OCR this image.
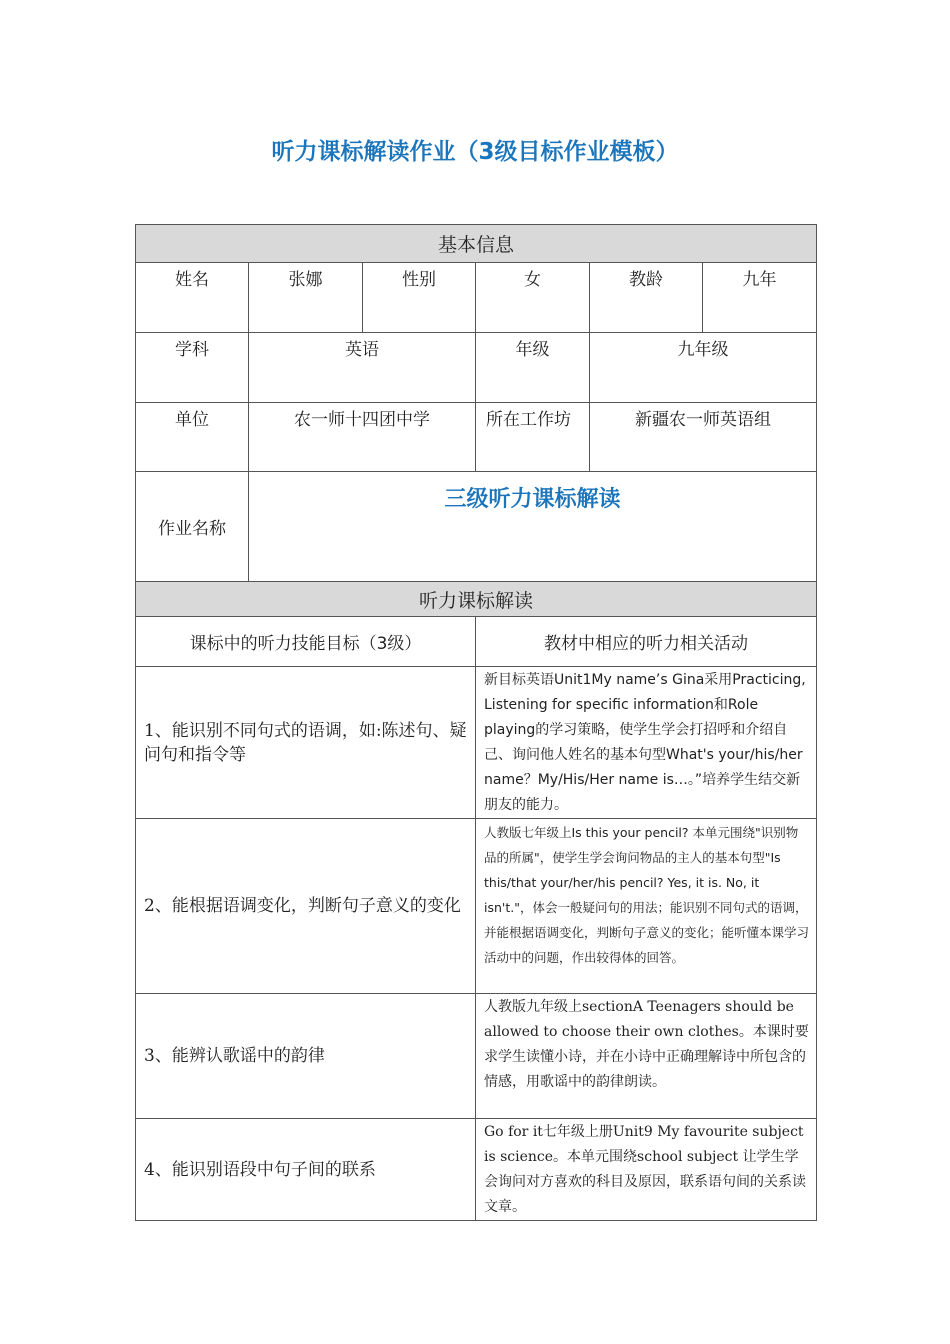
听力课标解读作业（3级目标作业模板）
基本信息					
姓名	张娜	性别	女	教龄	九年
学科	英语		年级	九年级	
单位	农一师十四团中学		所在工作坊	新疆农一师英语组	
作业名称	三级听力课标解读				
听力课标解读					
课标中的听力技能目标（3级）			教材中相应的听力相关活动		
1、能识别不同句式的语调，如:陈述句、疑问句和指令等			新目标英语Unit1My name’s Gina采用Practicing, Listening for specific information和Role playing的学习策略，使学生学会打招呼和介绍自己、询问他人姓名的基本句型What's your/his/her name？My/His/Her name is…。”培养学生结交新朋友的能力。		
2、能根据语调变化，判断句子意义的变化			人教版七年级上Is this your pencil? 本单元围绕"识别物品的所属"，使学生学会询问物品的主人的基本句型"Is this/that your/her/his pencil? Yes, it is. No, it isn't."，体会一般疑问句的用法；能识别不同句式的语调，并能根据语调变化，判断句子意义的变化；能听懂本课学习活动中的问题，作出较得体的回答。		
3、能辨认歌谣中的韵律			人教版九年级上sectionA Teenagers should be allowed to choose their own clothes。本课时要求学生读懂小诗，并在小诗中正确理解诗中所包含的情感，用歌谣中的韵律朗读。		
4、能识别语段中句子间的联系			Go for it七年级上册Unit9 My favourite subject is science。本单元围绕school subject 让学生学会询问对方喜欢的科目及原因，联系语句间的关系读文章。		
